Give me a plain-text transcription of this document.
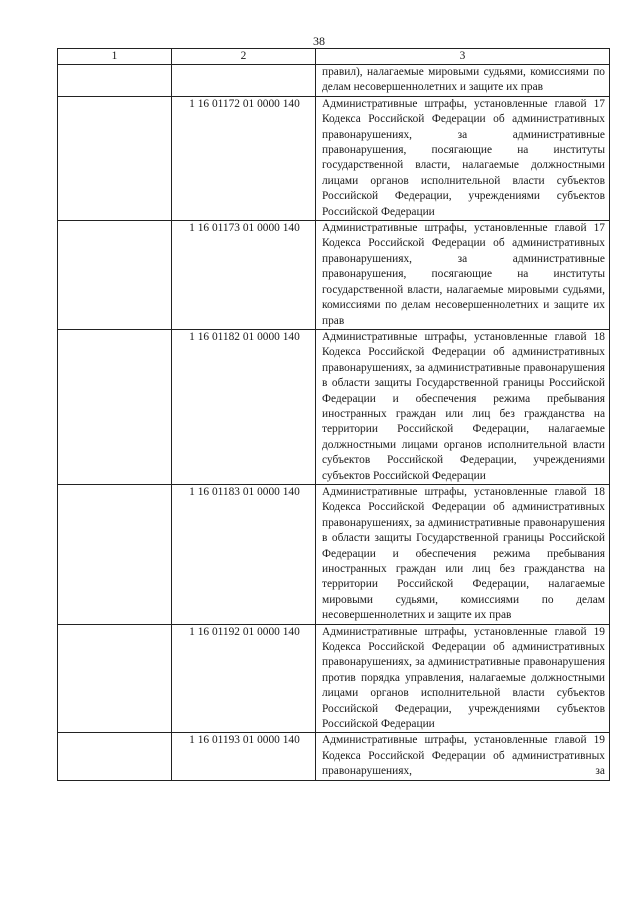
38
1	2	3
		правил), налагаемые мировыми судьями, комиссиями по делам несовершеннолетних и защите их прав
	1 16 01172 01 0000 140	Административные штрафы, установленные главой 17 Кодекса Российской Федерации об административных правонарушениях, за административные правонарушения, посягающие на институты государственной власти, налагаемые должностными лицами органов исполнительной власти субъектов Российской Федерации, учреждениями субъектов Российской Федерации
	1 16 01173 01 0000 140	Административные штрафы, установленные главой 17 Кодекса Российской Федерации об административных правонарушениях, за административные правонарушения, посягающие на институты государственной власти, налагаемые мировыми судьями, комиссиями по делам несовершеннолетних и защите их прав
	1 16 01182 01 0000 140	Административные штрафы, установленные главой 18 Кодекса Российской Федерации об административных правонарушениях, за административные правонарушения в области защиты Государственной границы Российской Федерации и обеспечения режима пребывания иностранных граждан или лиц без гражданства на территории Российской Федерации, налагаемые должностными лицами органов исполнительной власти субъектов Российской Федерации, учреждениями субъектов Российской Федерации
	1 16 01183 01 0000 140	Административные штрафы, установленные главой 18 Кодекса Российской Федерации об административных правонарушениях, за административные правонарушения в области защиты Государственной границы Российской Федерации и обеспечения режима пребывания иностранных граждан или лиц без гражданства на территории Российской Федерации, налагаемые мировыми судьями, комиссиями по делам несовершеннолетних и защите их прав
	1 16 01192 01 0000 140	Административные штрафы, установленные главой 19 Кодекса Российской Федерации об административных правонарушениях, за административные правонарушения против порядка управления, налагаемые должностными лицами органов исполнительной власти субъектов Российской Федерации, учреждениями субъектов Российской Федерации
	1 16 01193 01 0000 140	Административные штрафы, установленные главой 19 Кодекса Российской Федерации об административных правонарушениях, за
